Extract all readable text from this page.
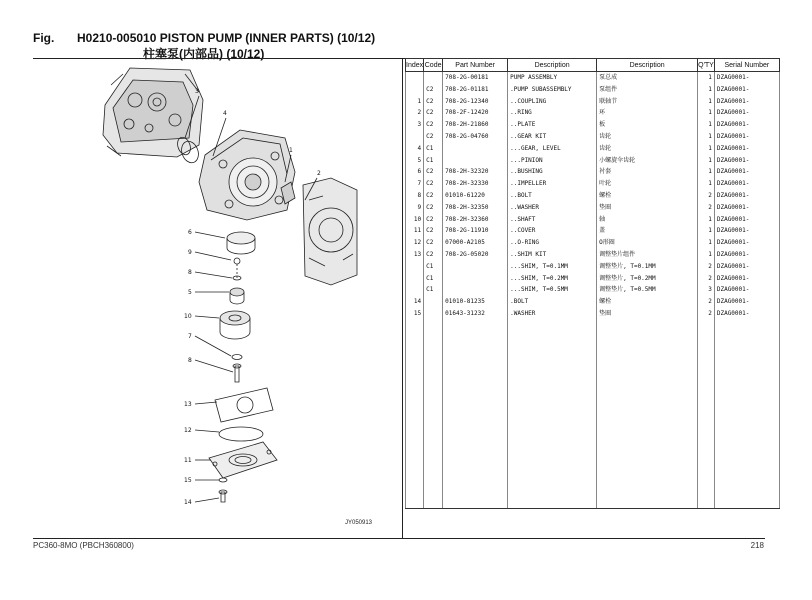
Fig. H0210-005010 PISTON PUMP (INNER PARTS) (10/12)
柱塞泵(内部品) (10/12)
3
4
1
2
6
9
8
5
10
7
8
13
12
11
15
14
JY050913
Index	Code	Part Number	Description	Description	Q'TY	Serial Number
		708-2G-00181	PUMP ASSEMBLY	泵总成	1	DZAG0001-
	C2	708-2G-01181	.PUMP SUBASSEMBLY	泵组件	1	DZAG0001-
1	C2	708-2G-12340	..COUPLING	联轴节	1	DZAG0001-
2	C2	708-2F-12420	..RING	环	1	DZAG0001-
3	C2	708-2H-21860	..PLATE	板	1	DZAG0001-
	C2	708-2G-04760	..GEAR KIT	齿轮	1	DZAG0001-
4	C1		...GEAR, LEVEL	齿轮	1	DZAG0001-
5	C1		...PINION	小螺旋伞齿轮	1	DZAG0001-
6	C2	708-2H-32320	..BUSHING	衬套	1	DZAG0001-
7	C2	708-2H-32330	..IMPELLER	叶轮	1	DZAG0001-
8	C2	01010-61220	..BOLT	螺栓	2	DZAG0001-
9	C2	708-2H-32350	..WASHER	垫圈	2	DZAG0001-
10	C2	708-2H-32360	..SHAFT	轴	1	DZAG0001-
11	C2	708-2G-11910	..COVER	盖	1	DZAG0001-
12	C2	07000-A2105	..O-RING	O形圈	1	DZAG0001-
13	C2	708-2G-05020	..SHIM KIT	调整垫片组件	1	DZAG0001-
	C1		...SHIM, T=0.1MM	调整垫片, T=0.1MM	2	DZAG0001-
	C1		...SHIM, T=0.2MM	调整垫片, T=0.2MM	2	DZAG0001-
	C1		...SHIM, T=0.5MM	调整垫片, T=0.5MM	3	DZAG0001-
14		01010-81235	.BOLT	螺栓	2	DZAG0001-
15		01643-31232	.WASHER	垫圈	2	DZAG0001-

PC360-8MO (PBCH360800)	218
